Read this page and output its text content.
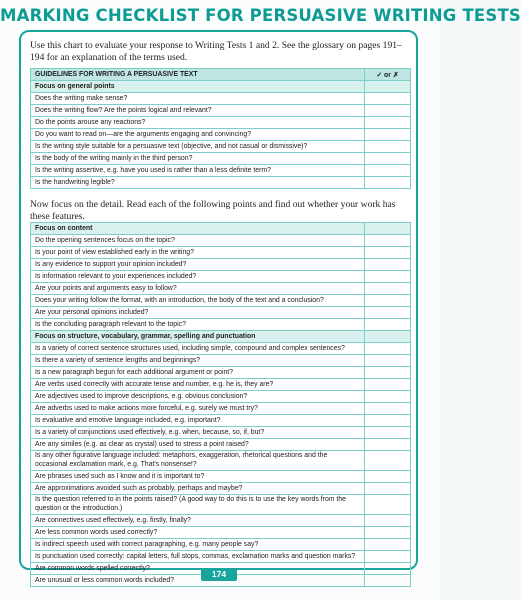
MARKING CHECKLIST FOR PERSUASIVE WRITING TESTS
Use this chart to evaluate your response to Writing Tests 1 and 2. See the glossary on pages 191–194 for an explanation of the terms used.
GUIDELINES FOR WRITING A PERSUASIVE TEXT	✓ or ✗
Focus on general points	
Does the writing make sense?	
Does the writing flow? Are the points logical and relevant?	
Do the points arouse any reactions?	
Do you want to read on—are the arguments engaging and convincing?	
Is the writing style suitable for a persuasive text (objective, and not casual or dismissive)?	
Is the body of the writing mainly in the third person?	
Is the writing assertive, e.g. have you used is rather than a less definite term?	
Is the handwriting legible?	
Now focus on the detail. Read each of the following points and find out whether your work has these features.
Focus on content	
Do the opening sentences focus on the topic?	
Is your point of view established early in the writing?	
Is any evidence to support your opinion included?	
Is information relevant to your experiences included?	
Are your points and arguments easy to follow?	
Does your writing follow the format, with an introduction, the body of the text and a conclusion?	
Are your personal opinions included?	
Is the concluding paragraph relevant to the topic?	
Focus on structure, vocabulary, grammar, spelling and punctuation	
Is a variety of correct sentence structures used, including simple, compound and complex sentences?	
Is there a variety of sentence lengths and beginnings?	
Is a new paragraph begun for each additional argument or point?	
Are verbs used correctly with accurate tense and number, e.g. he is, they are?	
Are adjectives used to improve descriptions, e.g. obvious conclusion?	
Are adverbs used to make actions more forceful, e.g. surely we must try?	
Is evaluative and emotive language included, e.g. important?	
Is a variety of conjunctions used effectively, e.g. when, because, so, if, but?	
Are any similes (e.g. as clear as crystal) used to stress a point raised?	
Is any other figurative language included: metaphors, exaggeration, rhetorical questions and the occasional exclamation mark, e.g. That's nonsense!?	
Are phrases used such as I know and it is important to?	
Are approximations avoided such as probably, perhaps and maybe?	
Is the question referred to in the points raised? (A good way to do this is to use the key words from the question or the introduction.)	
Are connectives used effectively, e.g. firstly, finally?	
Are less common words used correctly?	
Is indirect speech used with correct paragraphing, e.g. many people say?	
Is punctuation used correctly: capital letters, full stops, commas, exclamation marks and question marks?	
Are common words spelled correctly?	
Are unusual or less common words included?	
174
